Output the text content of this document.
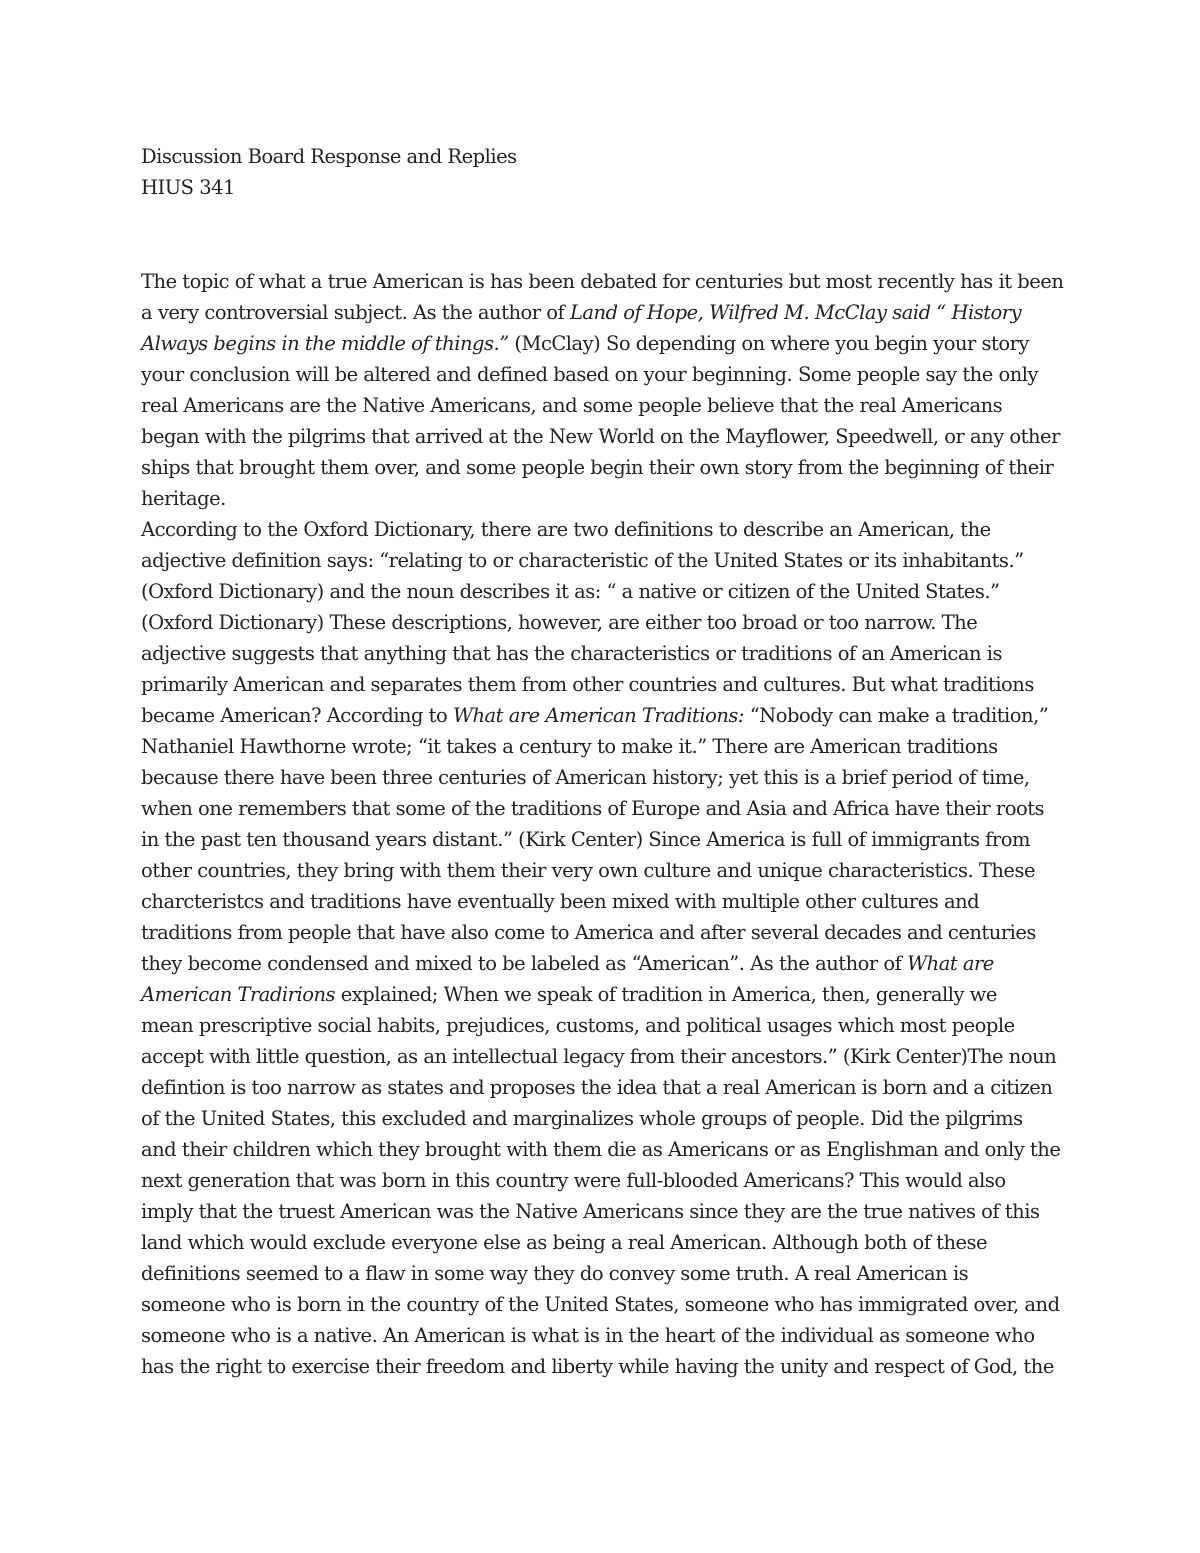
Discussion Board Response and Replies
HIUS 341
The topic of what a true American is has been debated for centuries but most recently has it been
a very controversial subject. As the author of Land of Hope, Wilfred M. McClay said “ History
Always begins in the middle of things.” (McClay) So depending on where you begin your story
your conclusion will be altered and defined based on your beginning. Some people say the only
real Americans are the Native Americans, and some people believe that the real Americans
began with the pilgrims that arrived at the New World on the Mayflower, Speedwell, or any other
ships that brought them over, and some people begin their own story from the beginning of their
heritage.
According to the Oxford Dictionary, there are two definitions to describe an American, the
adjective definition says: “relating to or characteristic of the United States or its inhabitants.”
(Oxford Dictionary) and the noun describes it as: “ a native or citizen of the United States.”
(Oxford Dictionary) These descriptions, however, are either too broad or too narrow. The
adjective suggests that anything that has the characteristics or traditions of an American is
primarily American and separates them from other countries and cultures. But what traditions
became American? According to What are American Traditions: “Nobody can make a tradition,”
Nathaniel Hawthorne wrote; “it takes a century to make it.” There are American traditions
because there have been three centuries of American history; yet this is a brief period of time,
when one remembers that some of the traditions of Europe and Asia and Africa have their roots
in the past ten thousand years distant.” (Kirk Center) Since America is full of immigrants from
other countries, they bring with them their very own culture and unique characteristics. These
charcteristcs and traditions have eventually been mixed with multiple other cultures and
traditions from people that have also come to America and after several decades and centuries
they become condensed and mixed to be labeled as “American”. As the author of What are
American Tradirions explained; When we speak of tradition in America, then, generally we
mean prescriptive social habits, prejudices, customs, and political usages which most people
accept with little question, as an intellectual legacy from their ancestors.” (Kirk Center)The noun
defintion is too narrow as states and proposes the idea that a real American is born and a citizen
of the United States, this excluded and marginalizes whole groups of people. Did the pilgrims
and their children which they brought with them die as Americans or as Englishman and only the
next generation that was born in this country were full-blooded Americans? This would also
imply that the truest American was the Native Americans since they are the true natives of this
land which would exclude everyone else as being a real American. Although both of these
definitions seemed to a flaw in some way they do convey some truth. A real American is
someone who is born in the country of the United States, someone who has immigrated over, and
someone who is a native. An American is what is in the heart of the individual as someone who
has the right to exercise their freedom and liberty while having the unity and respect of God, the
